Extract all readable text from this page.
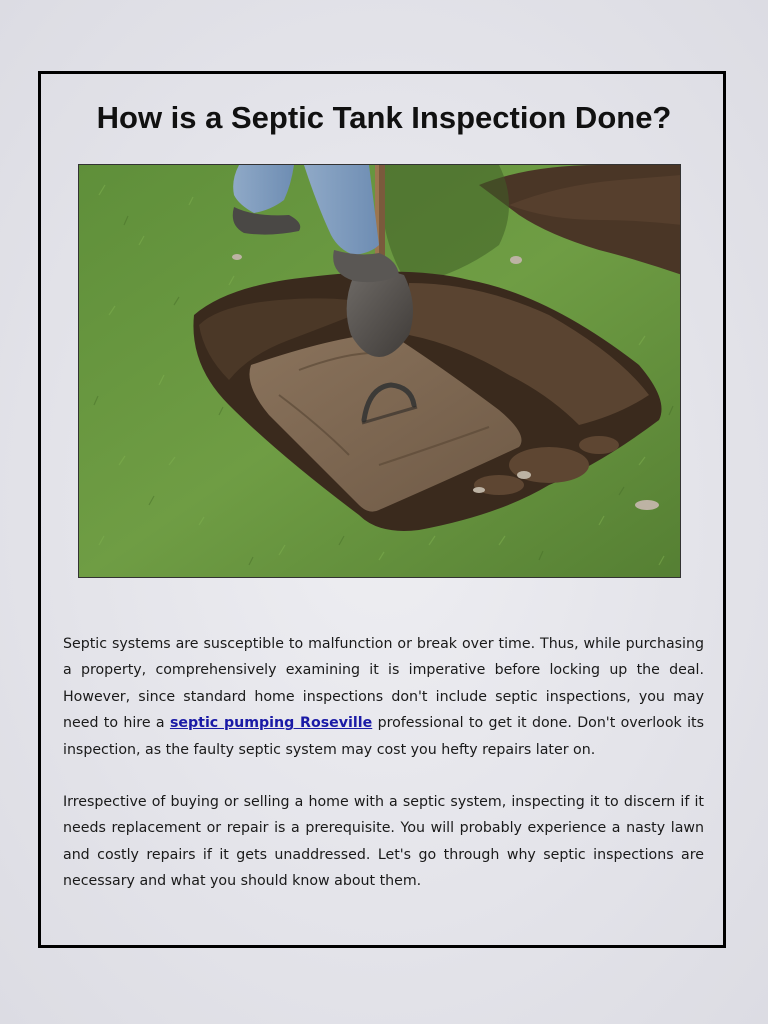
How is a Septic Tank Inspection Done?

Septic systems are susceptible to malfunction or break over time. Thus, while purchasing a property, comprehensively examining it is imperative before locking up the deal. However, since standard home inspections don't include septic inspections, you may need to hire a septic pumping Roseville professional to get it done. Don't overlook its inspection, as the faulty septic system may cost you hefty repairs later on.

Irrespective of buying or selling a home with a septic system, inspecting it to discern if it needs replacement or repair is a prerequisite. You will probably experience a nasty lawn and costly repairs if it gets unaddressed. Let's go through why septic inspections are necessary and what you should know about them.
